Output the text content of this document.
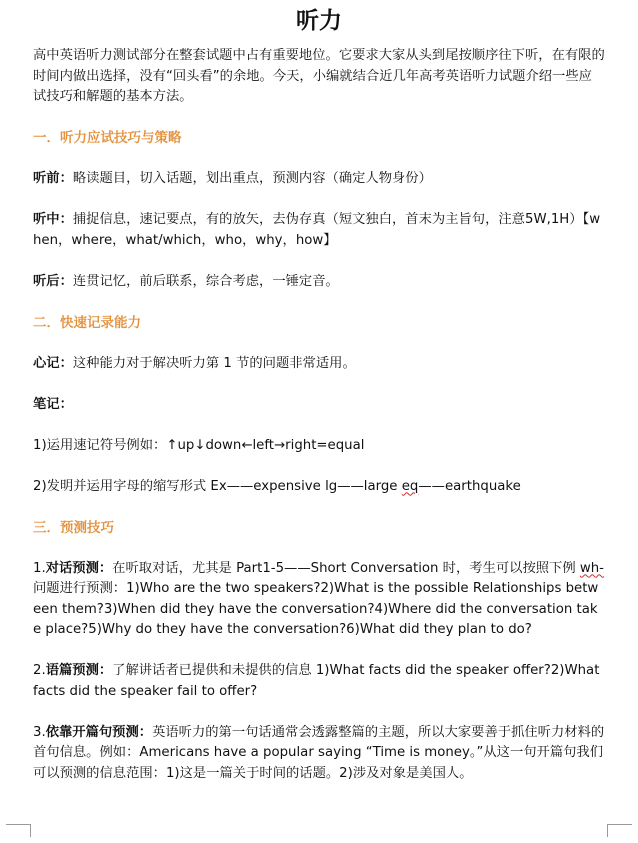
听力

高中英语听力测试部分在整套试题中占有重要地位。它要求大家从头到尾按顺序往下听，在有限的时间内做出选择，没有“回头看”的余地。今天，小编就结合近几年高考英语听力试题介绍一些应试技巧和解题的基本方法。

一．听力应试技巧与策略

听前：略读题目，切入话题，划出重点，预测内容（确定人物身份）

听中：捕捉信息，速记要点，有的放矢，去伪存真（短文独白，首末为主旨句，注意5W,1H）【when，where，what/which，who，why，how】

听后：连贯记忆，前后联系，综合考虑，一锤定音。

二．快速记录能力

心记：这种能力对于解决听力第 1 节的问题非常适用。

笔记：

1)运用速记符号例如：↑up↓down←left→right=equal

2)发明并运用字母的缩写形式 Ex——expensive lg——large eq——earthquake

三．预测技巧

1.对话预测：在听取对话，尤其是 Part1-5——Short Conversation 时，考生可以按照下例 wh-问题进行预测：1)Who are the two speakers?2)What is the possible Relationships between them?3)When did they have the conversation?4)Where did the conversation take place?5)Why do they have the conversation?6)What did they plan to do?

2.语篇预测：了解讲话者已提供和未提供的信息 1)What facts did the speaker offer?2)What facts did the speaker fail to offer?

3.依靠开篇句预测：英语听力的第一句话通常会透露整篇的主题，所以大家要善于抓住听力材料的首句信息。例如：Americans have a popular saying “Time is money。”从这一句开篇句我们可以预测的信息范围：1)这是一篇关于时间的话题。2)涉及对象是美国人。
